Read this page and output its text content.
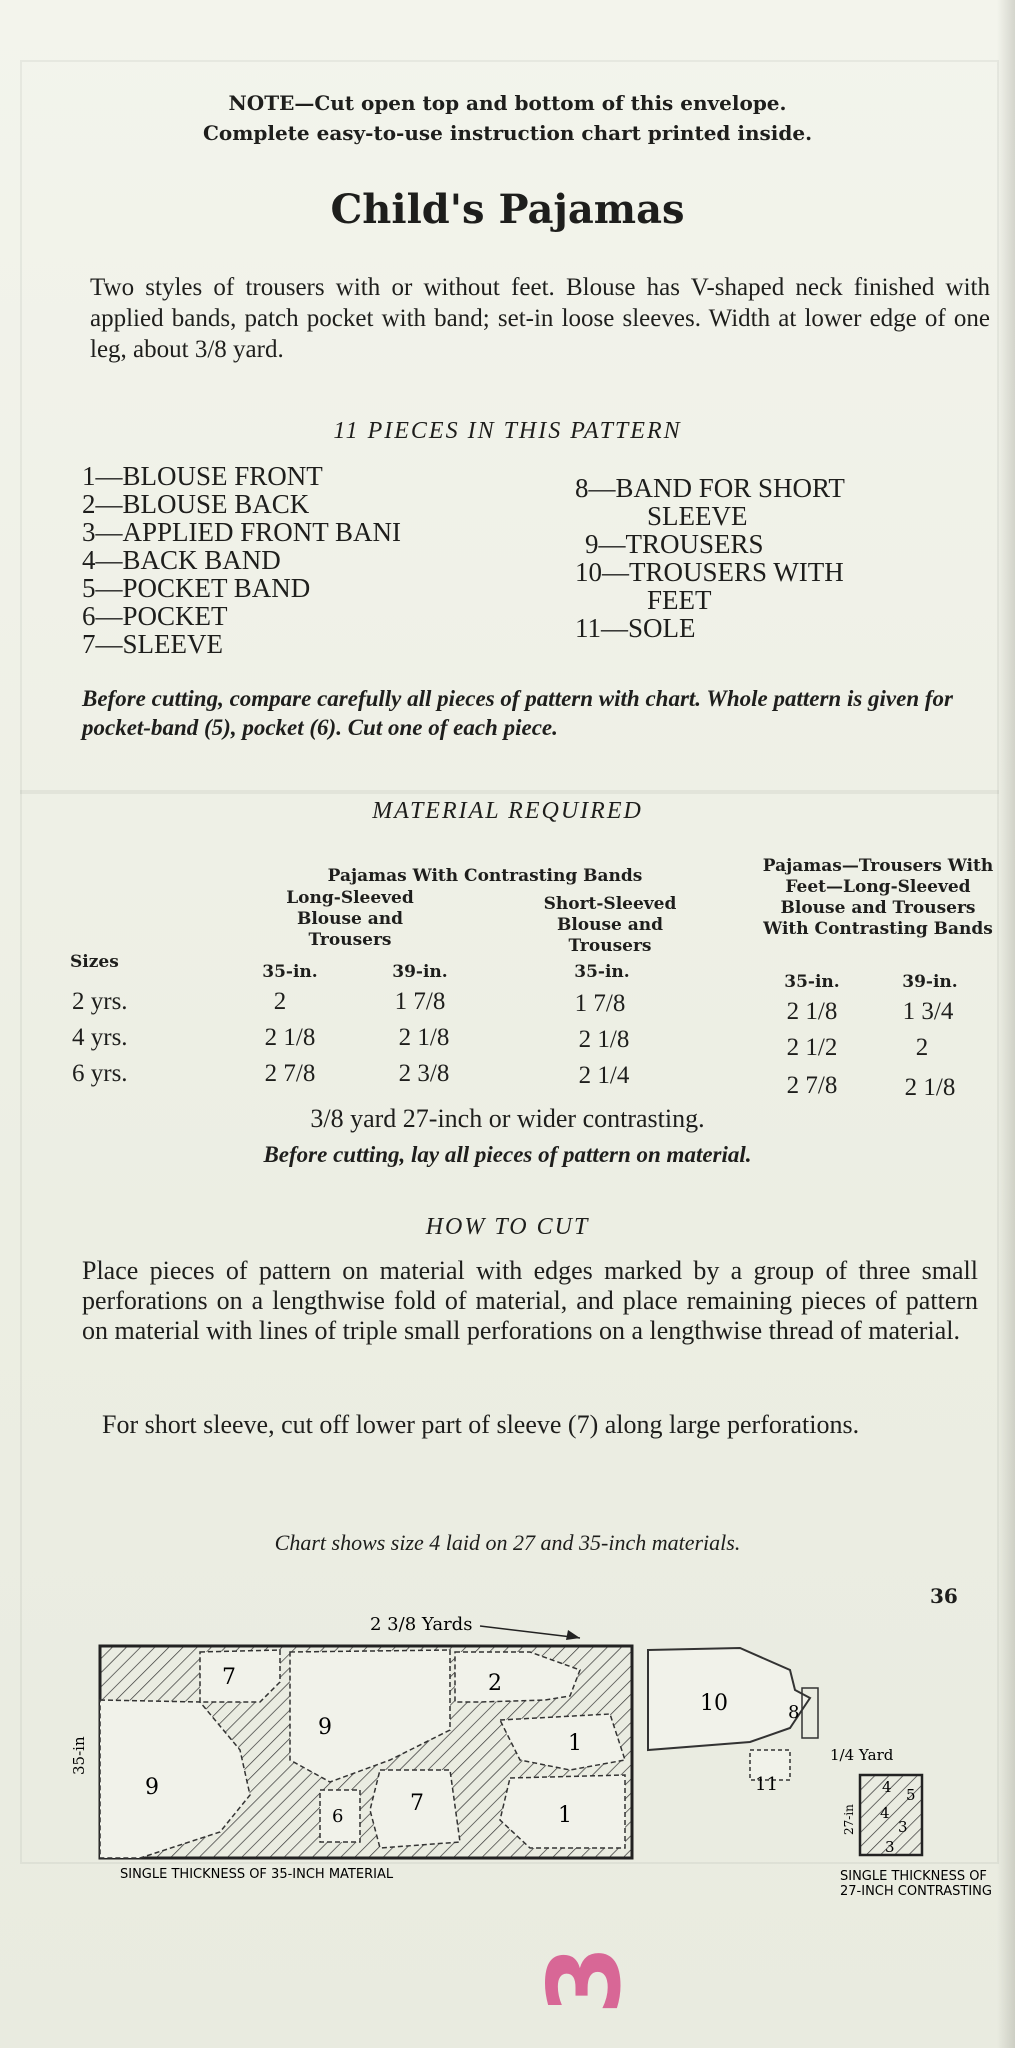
NOTE—Cut open top and bottom of this envelope.
Complete easy-to-use instruction chart printed inside.
Child's Pajamas
Two styles of trousers with or without feet. Blouse has V-shaped neck finished with applied bands, patch pocket with band; set-in loose sleeves. Width at lower edge of one leg, about 3/8 yard.
11 PIECES IN THIS PATTERN
1—BLOUSE FRONT
2—BLOUSE BACK
3—APPLIED FRONT BANI
4—BACK BAND
5—POCKET BAND
6—POCKET
7—SLEEVE
8—BAND FOR SHORT
SLEEVE
9—TROUSERS
10—TROUSERS WITH
FEET
11—SOLE
Before cutting, compare carefully all pieces of pattern with chart. Whole pattern is given for pocket-band (5), pocket (6). Cut one of each piece.
MATERIAL REQUIRED
Pajamas With Contrasting Bands
Long-Sleeved Blouse and Trousers
Short-Sleeved Blouse and Trousers
Pajamas—Trousers With Feet—Long-Sleeved Blouse and Trousers With Contrasting Bands
Sizes	35-in.	39-in.	35-in.	35-in.	39-in.
2 yrs.	2	1 7/8	1 7/8	2 1/8	1 3/4
4 yrs.	2 1/8	2 1/8	2 1/8	2 1/2	2
6 yrs.	2 7/8	2 3/8	2 1/4	2 7/8	2 1/8
3/8 yard 27-inch or wider contrasting.
Before cutting, lay all pieces of pattern on material.
HOW TO CUT
Place pieces of pattern on material with edges marked by a group of three small perforations on a lengthwise fold of material, and place remaining pieces of pattern on material with lines of triple small perforations on a lengthwise thread of material.
For short sleeve, cut off lower part of sleeve (7) along large perforations.
Chart shows size 4 laid on 27 and 35-inch materials.
36
2 3/8 Yards
7
9
9
2
1
1
7
6
35-in
SINGLE THICKNESS OF 35-INCH MATERIAL
10	8
11
1/4 Yard
4 5
4
3
3
27-in
SINGLE THICKNESS OF
27-INCH CONTRASTING
3
